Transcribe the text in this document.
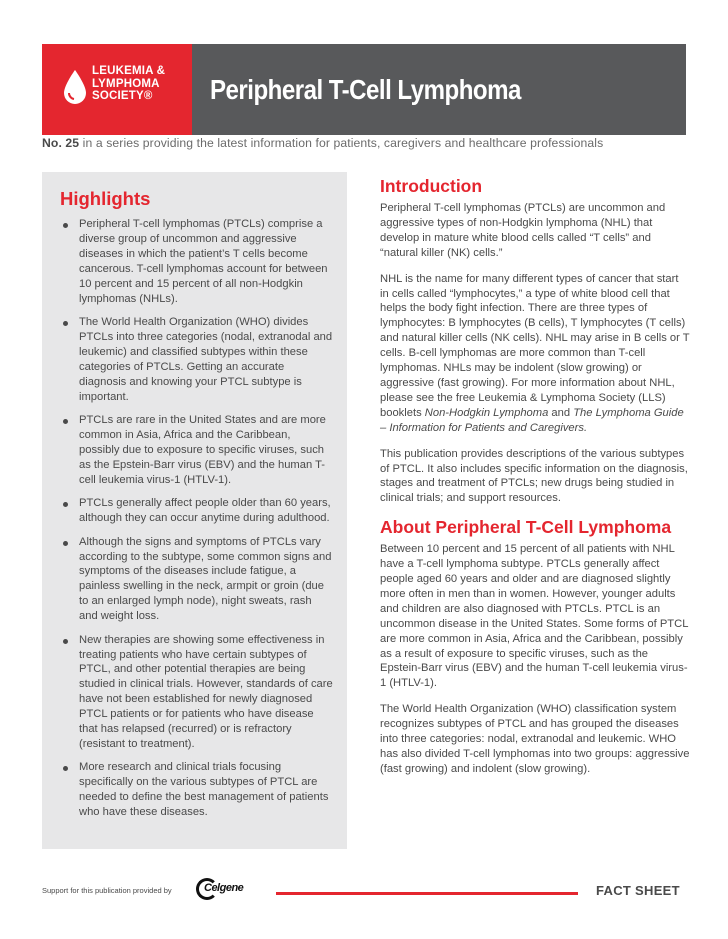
LEUKEMIA &
LYMPHOMA
SOCIETY®	Peripheral T-Cell Lymphoma
No. 25 in a series providing the latest information for patients, caregivers and healthcare professionals
Highlights
Peripheral T-cell lymphomas (PTCLs) comprise a diverse group of uncommon and aggressive diseases in which the patient’s T cells become cancerous. T-cell lymphomas account for between 10 percent and 15 percent of all non-Hodgkin lymphomas (NHLs).
The World Health Organization (WHO) divides PTCLs into three categories (nodal, extranodal and leukemic) and classified subtypes within these categories of PTCLs. Getting an accurate diagnosis and knowing your PTCL subtype is important.
PTCLs are rare in the United States and are more common in Asia, Africa and the Caribbean, possibly due to exposure to specific viruses, such as the Epstein-Barr virus (EBV) and the human T-cell leukemia virus-1 (HTLV-1).
PTCLs generally affect people older than 60 years, although they can occur anytime during adulthood.
Although the signs and symptoms of PTCLs vary according to the subtype, some common signs and symptoms of the diseases include fatigue, a painless swelling in the neck, armpit or groin (due to an enlarged lymph node), night sweats, rash and weight loss.
New therapies are showing some effectiveness in treating patients who have certain subtypes of PTCL, and other potential therapies are being studied in clinical trials. However, standards of care have not been established for newly diagnosed PTCL patients or for patients who have disease that has relapsed (recurred) or is refractory (resistant to treatment).
More research and clinical trials focusing specifically on the various subtypes of PTCL are needed to define the best management of patients who have these diseases.
Introduction

Peripheral T-cell lymphomas (PTCLs) are uncommon and aggressive types of non-Hodgkin lymphoma (NHL) that develop in mature white blood cells called “T cells” and “natural killer (NK) cells.”

NHL is the name for many different types of cancer that start in cells called “lymphocytes,” a type of white blood cell that helps the body fight infection. There are three types of lymphocytes: B lymphocytes (B cells), T lymphocytes (T cells) and natural killer cells (NK cells). NHL may arise in B cells or T cells. B-cell lymphomas are more common than T-cell lymphomas. NHLs may be indolent (slow growing) or aggressive (fast growing). For more information about NHL, please see the free Leukemia & Lymphoma Society (LLS) booklets Non-Hodgkin Lymphoma and The Lymphoma Guide – Information for Patients and Caregivers.

This publication provides descriptions of the various subtypes of PTCL. It also includes specific information on the diagnosis, stages and treatment of PTCLs; new drugs being studied in clinical trials; and support resources.

About Peripheral T-Cell Lymphoma

Between 10 percent and 15 percent of all patients with NHL have a T-cell lymphoma subtype. PTCLs generally affect people aged 60 years and older and are diagnosed slightly more often in men than in women. However, younger adults and children are also diagnosed with PTCLs. PTCL is an uncommon disease in the United States. Some forms of PTCL are more common in Asia, Africa and the Caribbean, possibly as a result of exposure to specific viruses, such as the Epstein-Barr virus (EBV) and the human T-cell leukemia virus-1 (HTLV-1).

The World Health Organization (WHO) classification system recognizes subtypes of PTCL and has grouped the diseases into three categories: nodal, extranodal and leukemic. WHO has also divided T-cell lymphomas into two groups: aggressive (fast growing) and indolent (slow growing).

Support for this publication provided by	Celgene	FACT SHEET
